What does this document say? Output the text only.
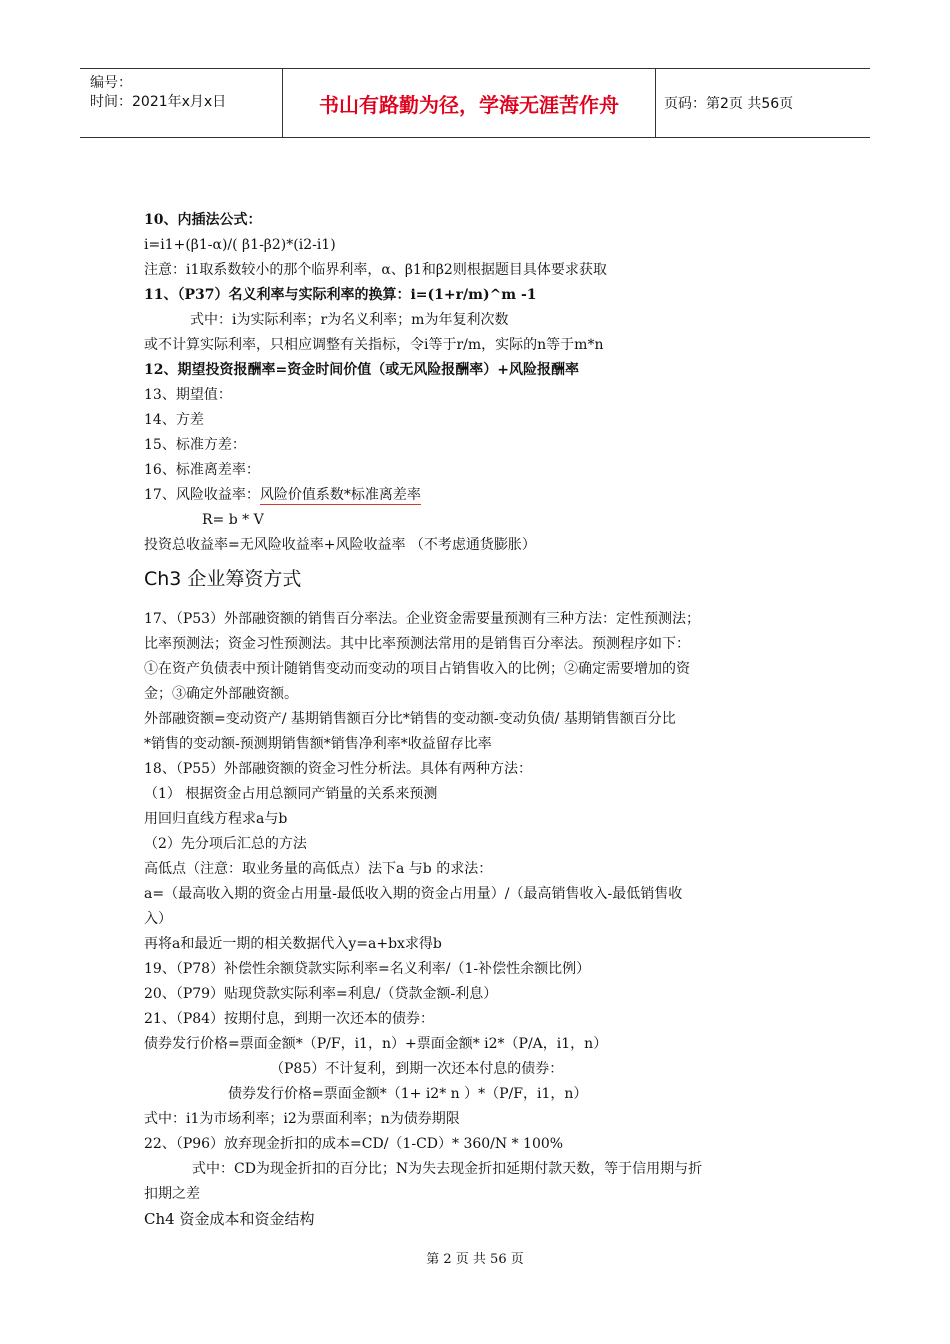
编号：
时间：2021年x月x日	书山有路勤为径，学海无涯苦作舟	页码：第2页 共56页
10、内插法公式：
i=i1+(β1-α)/( β1-β2)*(i2-i1)
注意：i1取系数较小的那个临界利率，α、β1和β2则根据题目具体要求获取
11、（P37）名义利率与实际利率的换算：i=(1+r/m)^m -1
式中：i为实际利率；r为名义利率；m为年复利次数
或不计算实际利率，只相应调整有关指标，令i等于r/m，实际的n等于m*n
12、期望投资报酬率=资金时间价值（或无风险报酬率）+风险报酬率
13、期望值：
14、方差
15、标准方差：
16、标准离差率：
17、风险收益率：风险价值系数*标准离差率
R= b * V
投资总收益率=无风险收益率+风险收益率 （不考虑通货膨胀）
Ch3 企业筹资方式
17、（P53）外部融资额的销售百分率法。企业资金需要量预测有三种方法：定性预测法；
比率预测法；资金习性预测法。其中比率预测法常用的是销售百分率法。预测程序如下：
①在资产负债表中预计随销售变动而变动的项目占销售收入的比例；②确定需要增加的资
金；③确定外部融资额。
外部融资额=变动资产/ 基期销售额百分比*销售的变动额-变动负债/ 基期销售额百分比
*销售的变动额-预测期销售额*销售净利率*收益留存比率
18、（P55）外部融资额的资金习性分析法。具体有两种方法：
（1） 根据资金占用总额同产销量的关系来预测
用回归直线方程求a与b
（2）先分项后汇总的方法
高低点（注意：取业务量的高低点）法下a 与b 的求法：
a=（最高收入期的资金占用量-最低收入期的资金占用量）/（最高销售收入-最低销售收
入）
再将a和最近一期的相关数据代入y=a+bx求得b
19、（P78）补偿性余额贷款实际利率=名义利率/（1-补偿性余额比例）
20、（P79）贴现贷款实际利率=利息/（贷款金额-利息）
21、（P84）按期付息，到期一次还本的债券：
债券发行价格=票面金额*（P/F，i1，n）+票面金额* i2*（P/A，i1，n）
（P85）不计复利，到期一次还本付息的债券：
债券发行价格=票面金额*（1+ i2* n ）*（P/F，i1，n）
式中：i1为市场利率；i2为票面利率；n为债券期限
22、（P96）放弃现金折扣的成本=CD/（1-CD）* 360/N * 100%
式中：CD为现金折扣的百分比；N为失去现金折扣延期付款天数，等于信用期与折
扣期之差
Ch4 资金成本和资金结构
第 2 页 共 56 页
